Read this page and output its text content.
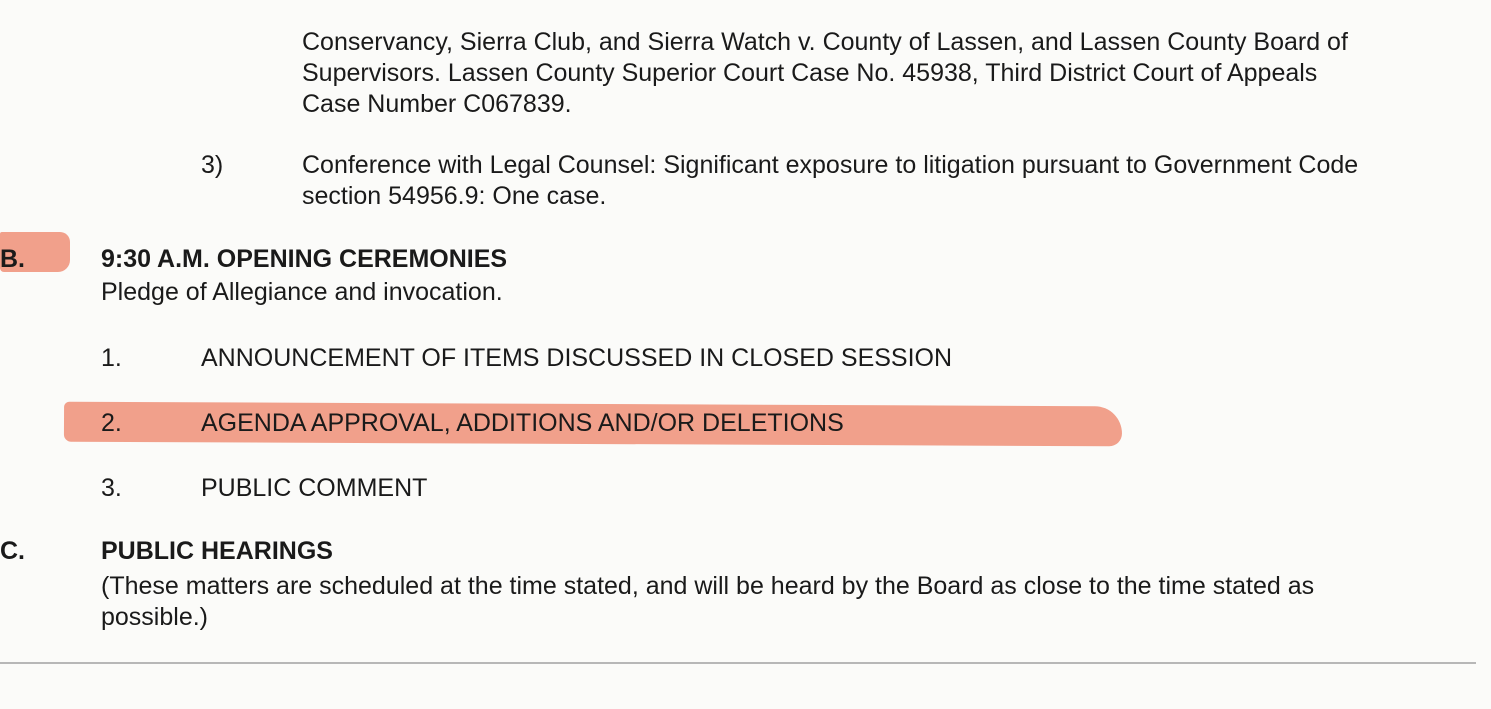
Conservancy, Sierra Club, and Sierra Watch v. County of Lassen, and Lassen County Board of
Supervisors. Lassen County Superior Court Case No. 45938, Third District Court of Appeals
Case Number C067839.
3)	Conference with Legal Counsel: Significant exposure to litigation pursuant to Government Code
section 54956.9: One case.
B.	9:30 A.M. OPENING CEREMONIES
Pledge of Allegiance and invocation.
1.	ANNOUNCEMENT OF ITEMS DISCUSSED IN CLOSED SESSION
2.	AGENDA APPROVAL, ADDITIONS AND/OR DELETIONS
3.	PUBLIC COMMENT
C.	PUBLIC HEARINGS
(These matters are scheduled at the time stated, and will be heard by the Board as close to the time stated as
possible.)
